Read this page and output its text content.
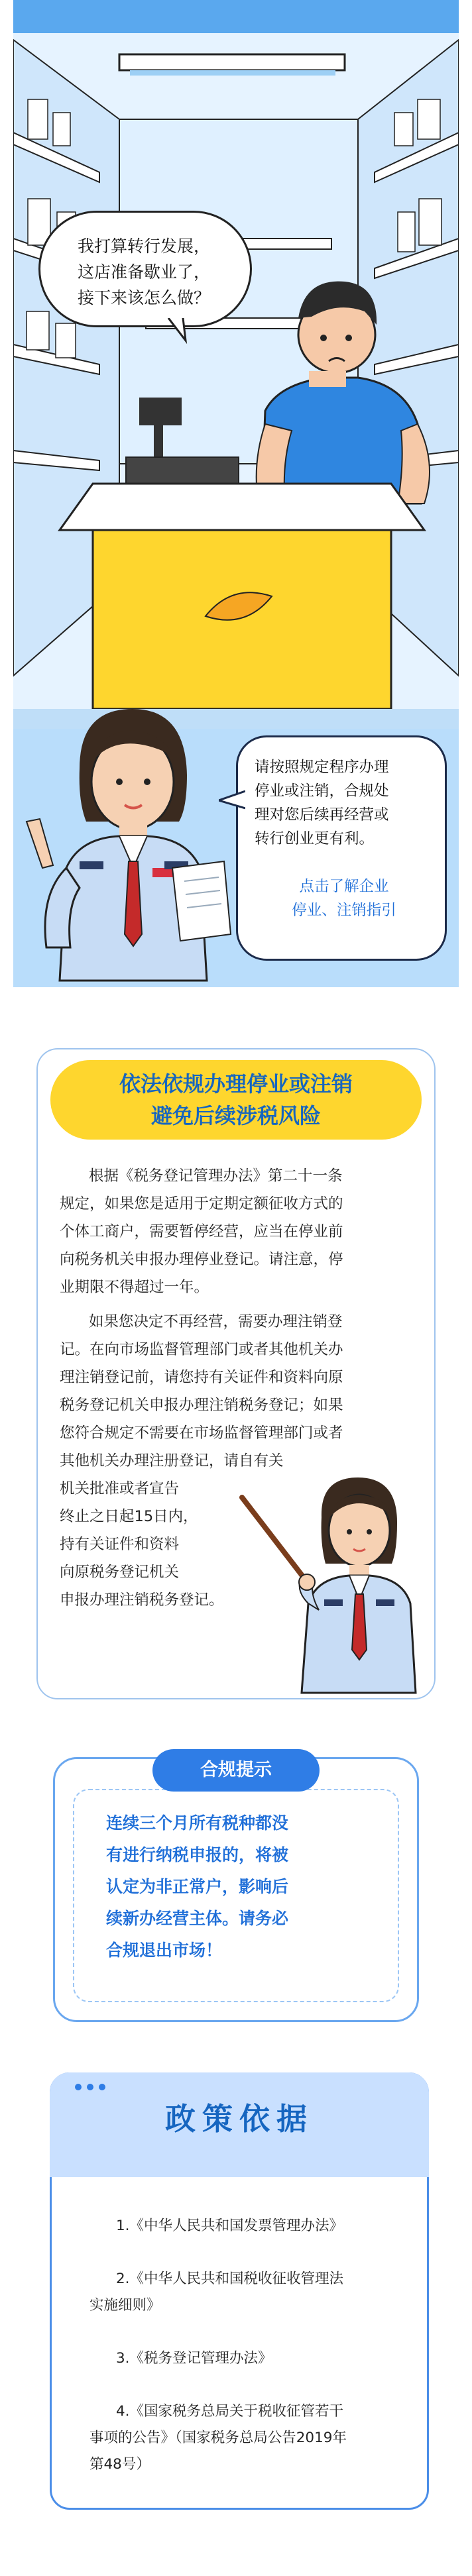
我打算转行发展，
这店准备歇业了，
接下来该怎么做？
请按照规定程序办理
停业或注销，合规处
理对您后续再经营或
转行创业更有利。
点击了解企业
停业、注销指引
依法依规办理停业或注销
避免后续涉税风险
根据《税务登记管理办法》第二十一条
规定，如果您是适用于定期定额征收方式的
个体工商户，需要暂停经营，应当在停业前
向税务机关申报办理停业登记。请注意，停
业期限不得超过一年。
如果您决定不再经营，需要办理注销登
记。在向市场监督管理部门或者其他机关办
理注销登记前，请您持有关证件和资料向原
税务登记机关申报办理注销税务登记；如果
您符合规定不需要在市场监督管理部门或者
其他机关办理注册登记，请自有关
机关批准或者宣告
终止之日起15日内，
持有关证件和资料
向原税务登记机关
申报办理注销税务登记。
合规提示
连续三个月所有税种都没
有进行纳税申报的，将被
认定为非正常户，影响后
续新办经营主体。请务必
合规退出市场！
政策依据
1.《中华人民共和国发票管理办法》
2.《中华人民共和国税收征收管理法
实施细则》
3.《税务登记管理办法》
4.《国家税务总局关于税收征管若干
事项的公告》（国家税务总局公告2019年
第48号）
